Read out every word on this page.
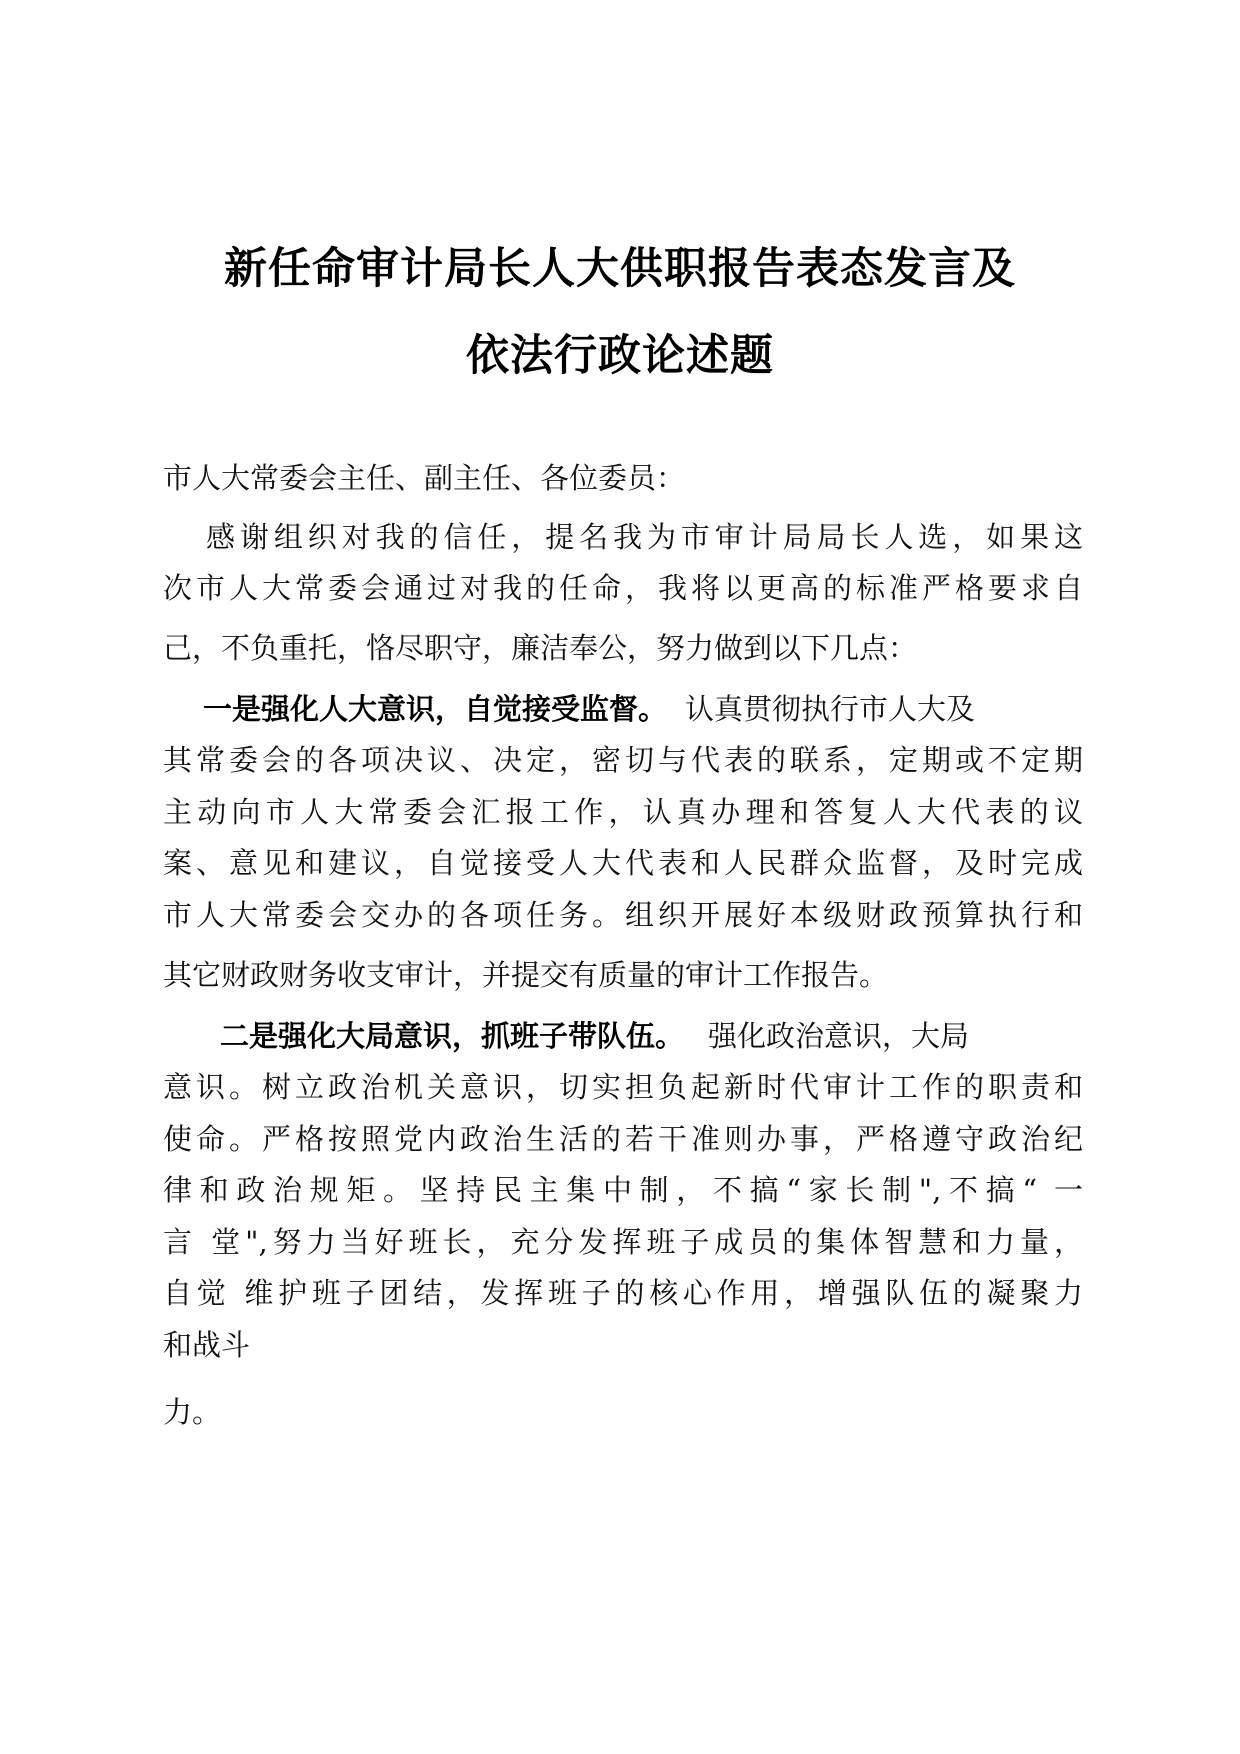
新任命审计局长人大供职报告表态发言及
依法行政论述题
市人大常委会主任、副主任、各位委员：
感谢组织对我的信任，提名我为市审计局局长人选，如果这
次市人大常委会通过对我的任命，我将以更高的标准严格要求自
己，不负重托，恪尽职守，廉洁奉公，努力做到以下几点：
一是强化人大意识，自觉接受监督。 认真贯彻执行市人大及
其常委会的各项决议、决定，密切与代表的联系，定期或不定期
主动向市人大常委会汇报工作，认真办理和答复人大代表的议
案、意见和建议，自觉接受人大代表和人民群众监督，及时完成
市人大常委会交办的各项任务。组织开展好本级财政预算执行和
其它财政财务收支审计，并提交有质量的审计工作报告。
二是强化大局意识，抓班子带队伍。 强化政治意识，大局
意识。树立政治机关意识，切实担负起新时代审计工作的职责和
使命。严格按照党内政治生活的若干准则办事，严格遵守政治纪
律和政治规矩。坚持民主集中制，不搞“家长制",不搞“ 一
言 堂",努力当好班长，充分发挥班子成员的集体智慧和力量，
自觉 维护班子团结，发挥班子的核心作用，增强队伍的凝聚力
和战斗
力。
